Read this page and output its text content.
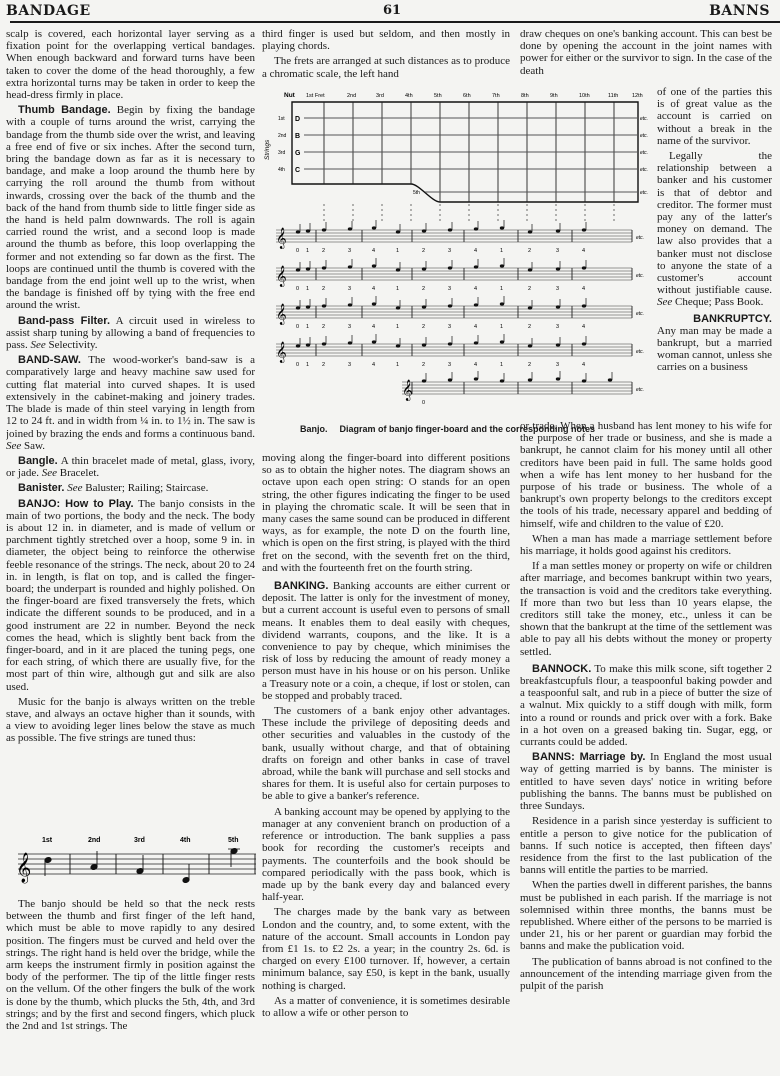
BANDAGE	61	BANNS

scalp is covered, each horizontal layer serving as a fixation point for the overlapping vertical bandages. When enough backward and forward turns have been taken to cover the dome of the head thoroughly, a few extra horizontal turns may be taken in order to keep the head-dress firmly in place.

Thumb Bandage. Begin by fixing the bandage with a couple of turns around the wrist, carrying the bandage from the thumb side over the wrist, and leaving a free end of five or six inches. After the second turn, bring the bandage down as far as it is necessary to bandage, and make a loop around the thumb here by carrying the roll around the thumb from without inwards, crossing over the back of the thumb and the back of the hand from thumb side to little finger side as the hand is held palm downwards. The roll is again carried round the wrist, and a second loop is made around the thumb as before, this loop overlapping the former and not extending so far down as the first. The loops are continued until the thumb is covered with the bandage from the end joint well up to the wrist, when the bandage is finished off by tying with the free end around the wrist.

Band-pass Filter. A circuit used in wireless to assist sharp tuning by allowing a band of frequencies to pass. See Selectivity.

BAND-SAW. The wood-worker's band-saw is a comparatively large and heavy machine saw used for cutting flat material into curved shapes. It is used extensively in the cabinet-making and joinery trades. The blade is made of thin steel varying in length from 12 to 24 ft. and in width from ¼ in. to 1½ in. The saw is joined by brazing the ends and forms a continuous band. See Saw.

Bangle. A thin bracelet made of metal, glass, ivory, or jade. See Bracelet.

Banister. See Baluster; Railing; Staircase.

BANJO: How to Play. The banjo consists in the main of two portions, the body and the neck. The body is about 12 in. in diameter, and is made of vellum or parchment tightly stretched over a hoop, some 9 in. in diameter, the object being to reinforce the otherwise feeble resonance of the strings. The neck, about 20 to 24 in. in length, is flat on top, and is called the finger-board; the underpart is rounded and highly polished. On the finger-board are fixed transversely the frets, which indicate the different sounds to be produced, and in a good instrument are 22 in number. Beyond the neck comes the head, which is slightly bent back from the finger-board, and in it are placed the tuning pegs, one for each string, of which there are usually five, for the most part of thin wire, although gut and silk are also used.

Music for the banjo is always written on the treble stave, and always an octave higher than it sounds, with a view to avoiding leger lines below the stave as much as possible. The five strings are tuned thus:

𝄞
1st	2nd	3rd	4th	5th

The banjo should be held so that the neck rests between the thumb and first finger of the left hand, which must be able to move rapidly to any desired position. The fingers must be curved and held over the strings. The right hand is held over the bridge, while the arm keeps the instrument firmly in position against the body of the performer. The tip of the little finger rests on the vellum. Of the other fingers the bulk of the work is done by the thumb, which plucks the 5th, 4th, and 3rd strings; and by the first and second fingers, which pluck the 2nd and 1st strings. The

third finger is used but seldom, and then mostly in playing chords.

The frets are arranged at such distances as to produce a chromatic scale, the left hand

Nut 1st Fret	2nd	3rd	4th	5th	6th	7th	8th	9th	10th	11th 12th
Strings
etc.
etc.
etc.
etc.
etc.
1st
2nd
3rd
4th
5th
D
B
G
C
𝄞
0 1 2	3	4	1	2	3	4	1	2	3	4
etc.
𝄞
0 1 2	3	4	1	2	3	4	1	2	3	4
etc.
𝄞
0 1 2	3	4	1	2	3	4	1	2	3	4
etc.
𝄞
0 1 2	3	4	1	2	3	4	1	2	3	4
etc.
𝄞
0
etc.
Banjo. Diagram of banjo finger-board and the corresponding notes

draw cheques on one's banking account. This can best be done by opening the account in the joint names with power for either or the survivor to sign. In the case of the death

of one of the parties this is of great value as the account is carried on without a break in the name of the survivor.

Legally the relationship between a banker and his customer is that of debtor and creditor. The former must pay any of the latter's money on demand. The law also provides that a banker must not disclose to anyone the state of a customer's account without justifiable cause. See Cheque; Pass Book.

BANKRUPTCY.

Any man may be made a bankrupt, but a married woman cannot, unless she carries on a business

moving along the finger-board into different positions so as to obtain the higher notes. The diagram shows an octave upon each open string: O stands for an open string, the other figures indicating the finger to be used in playing the chromatic scale. It will be seen that in many cases the same sound can be produced in different ways, as for example, the note D on the fourth line, which is open on the first string, is played with the third fret on the second, with the seventh fret on the third, and with the fourteenth fret on the fourth string.

BANKING. Banking accounts are either current or deposit. The latter is only for the investment of money, but a current account is useful even to persons of small means. It enables them to deal easily with cheques, dividend warrants, coupons, and the like. It is a convenience to pay by cheque, which minimises the risk of loss by reducing the amount of ready money a person must have in his house or on his person. Unlike a Treasury note or a coin, a cheque, if lost or stolen, can be stopped and probably traced.

The customers of a bank enjoy other advantages. These include the privilege of depositing deeds and other securities and valuables in the custody of the bank, usually without charge, and that of obtaining drafts on foreign and other banks in case of travel abroad, while the bank will purchase and sell stocks and shares for them. It is useful also for certain purposes to be able to give a banker's reference.

A banking account may be opened by applying to the manager at any convenient branch on production of a reference or introduction. The bank supplies a pass book for recording the customer's receipts and payments. The counterfoils and the book should be compared periodically with the pass book, which is made up by the bank every day and balanced every half-year.

The charges made by the bank vary as between London and the country, and, to some extent, with the nature of the account. Small accounts in London pay from £1 1s. to £2 2s. a year; in the country 2s. 6d. is charged on every £100 turnover. If, however, a certain minimum balance, say £50, is kept in the bank, usually nothing is charged.

As a matter of convenience, it is sometimes desirable to allow a wife or other person to

or trade. When a husband has lent money to his wife for the purpose of her trade or business, and she is made a bankrupt, he cannot claim for his money until all other creditors have been paid in full. The same holds good when a wife has lent money to her husband for the purpose of his trade or business. The whole of a bankrupt's own property belongs to the creditors except the tools of his trade, necessary apparel and bedding of himself, wife and children to the value of £20.

When a man has made a marriage settlement before his marriage, it holds good against his creditors.

If a man settles money or property on wife or children after marriage, and becomes bankrupt within two years, the transaction is void and the creditors take everything. If more than two but less than 10 years elapse, the creditors still take the money, etc., unless it can be shown that the bankrupt at the time of the settlement was able to pay all his debts without the money or property settled.

BANNOCK. To make this milk scone, sift together 2 breakfastcupfuls flour, a teaspoonful baking powder and a teaspoonful salt, and rub in a piece of butter the size of a walnut. Mix quickly to a stiff dough with milk, form into a round or rounds and prick over with a fork. Bake in a hot oven on a greased baking tin. Sugar, egg, or currants could be added.

BANNS: Marriage by. In England the most usual way of getting married is by banns. The minister is entitled to have seven days' notice in writing before publishing the banns. The banns must be published on three Sundays.

Residence in a parish since yesterday is sufficient to entitle a person to give notice for the publication of banns. If such notice is accepted, then fifteen days' residence from the first to the last publication of the banns will entitle the parties to be married.

When the parties dwell in different parishes, the banns must be published in each parish. If the marriage is not solemnised within three months, the banns must be republished. Where either of the persons to be married is under 21, his or her parent or guardian may forbid the banns and make the publication void.

The publication of banns abroad is not confined to the announcement of the intending marriage given from the pulpit of the parish
